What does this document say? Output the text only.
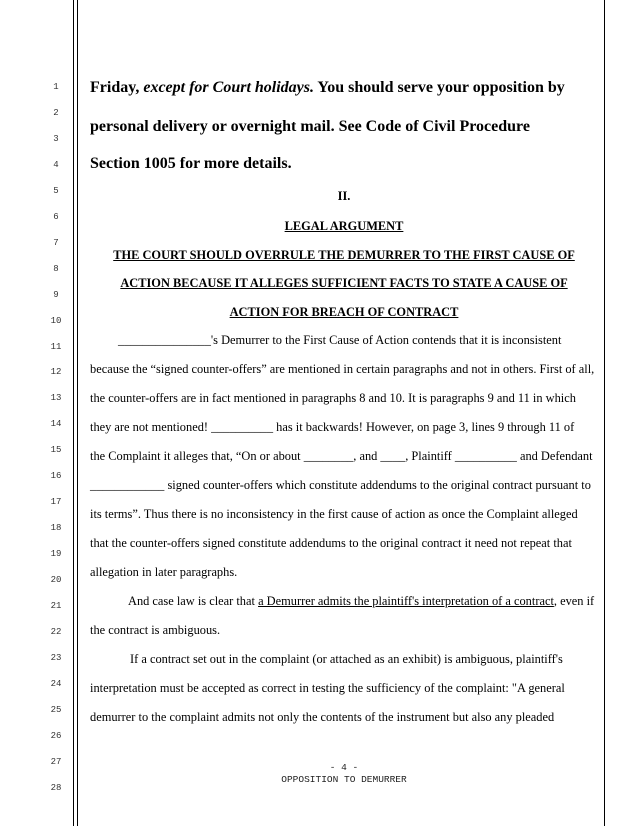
1
2
3
4
5
6
7
8
9
10
11
12
13
14
15
16
17
18
19
20
21
22
23
24
25
26
27
28
Friday, except for Court holidays. You should serve your opposition by
personal delivery or overnight mail. See Code of Civil Procedure
Section 1005 for more details.
II.
LEGAL ARGUMENT
THE COURT SHOULD OVERRULE THE DEMURRER TO THE FIRST CAUSE OF
ACTION BECAUSE IT ALLEGES SUFFICIENT FACTS TO STATE A CAUSE OF
ACTION FOR BREACH OF CONTRACT
_______________'s Demurrer to the First Cause of Action contends that it is inconsistent
because the “signed counter-offers” are mentioned in certain paragraphs and not in others. First of all,
the counter-offers are in fact mentioned in paragraphs 8 and 10. It is paragraphs 9 and 11 in which
they are not mentioned! __________ has it backwards! However, on page 3, lines 9 through 11 of
the Complaint it alleges that, “On or about ________, and ____, Plaintiff __________ and Defendant
____________ signed counter-offers which constitute addendums to the original contract pursuant to
its terms”. Thus there is no inconsistency in the first cause of action as once the Complaint alleged
that the counter-offers signed constitute addendums to the original contract it need not repeat that
allegation in later paragraphs.
And case law is clear that a Demurrer admits the plaintiff's interpretation of a contract, even if
the contract is ambiguous.
If a contract set out in the complaint (or attached as an exhibit) is ambiguous, plaintiff's
interpretation must be accepted as correct in testing the sufficiency of the complaint: "A general
demurrer to the complaint admits not only the contents of the instrument but also any pleaded
- 4 -
OPPOSITION TO DEMURRER
